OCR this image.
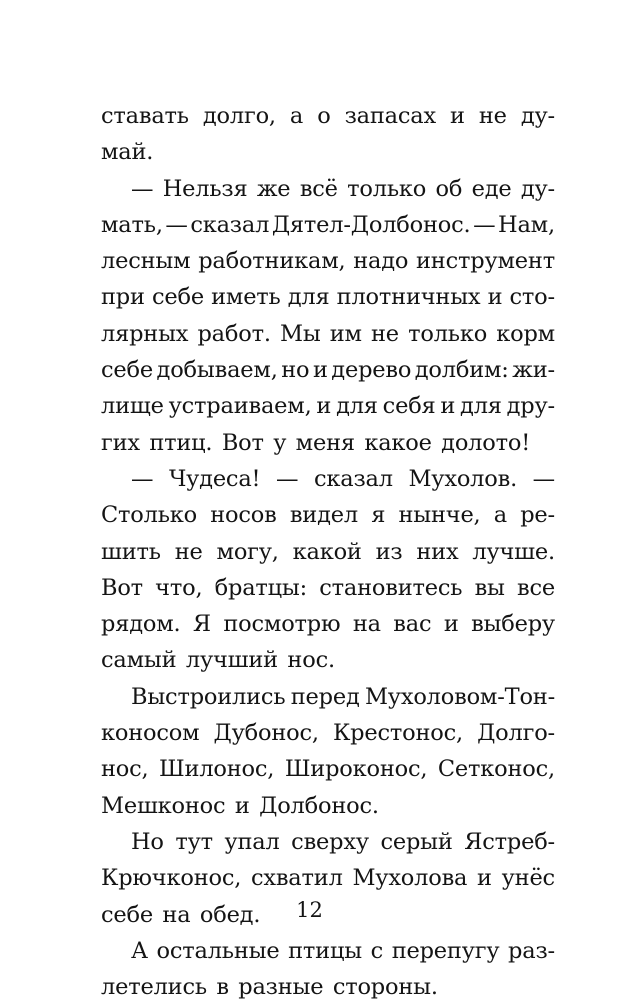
ставать долго, а о запасах и не ду-
май.
— Нельзя же всё только об еде ду-
мать, — сказал Дятел-Долбонос. — Нам,
лесным работникам, надо инструмент
при себе иметь для плотничных и сто-
лярных работ. Мы им не только корм
себе добываем, но и дерево долбим: жи-
лище устраиваем, и для себя и для дру-
гих птиц. Вот у меня какое долото!
— Чудеса! — сказал Мухолов. —
Столько носов видел я нынче, а ре-
шить не могу, какой из них лучше.
Вот что, братцы: становитесь вы все
рядом. Я посмотрю на вас и выберу
самый лучший нос.
Выстроились перед Мухоловом-Тон-
коносом Дубонос, Крестонос, Долго-
нос, Шилонос, Широконос, Сетконос,
Мешконос и Долбонос.
Но тут упал сверху серый Ястреб-
Крючконос, схватил Мухолова и унёс
себе на обед.
А остальные птицы с перепугу раз-
летелись в разные стороны.
12
